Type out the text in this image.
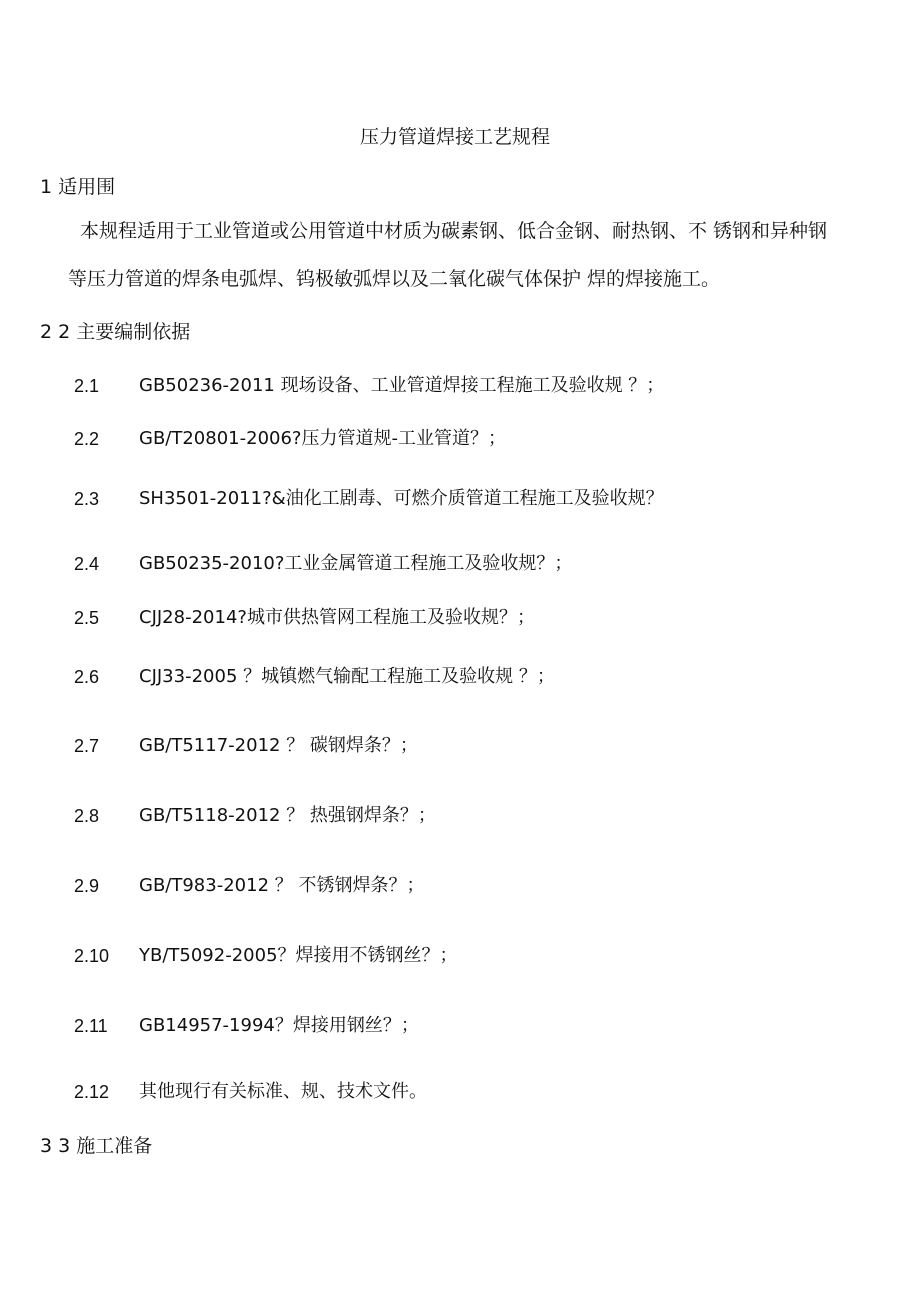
压力管道焊接工艺规程
1 适用围
本规程适用于工业管道或公用管道中材质为碳素钢、低合金钢、耐热钢、不 锈钢和异种钢
等压力管道的焊条电弧焊、钨极敏弧焊以及二氧化碳气体保护 焊的焊接施工。
2 2 主要编制依据
2.1 GB50236-2011 现场设备、工业管道焊接工程施工及验收规 ？；
2.2 GB/T20801-2006?压力管道规-工业管道？；
2.3 SH3501-2011?&油化工剧毒、可燃介质管道工程施工及验收规？
2.4 GB50235-2010?工业金属管道工程施工及验收规？；
2.5 CJJ28-2014?城市供热管网工程施工及验收规？；
2.6 CJJ33-2005 ？城镇燃气输配工程施工及验收规 ？；
2.7 GB/T5117-2012 ？ 碳钢焊条？；
2.8 GB/T5118-2012 ？ 热强钢焊条？；
2.9 GB/T983-2012 ？ 不锈钢焊条？；
2.10 YB/T5092-2005？焊接用不锈钢丝？；
2.11 GB14957-1994？焊接用钢丝？；
2.12 其他现行有关标准、规、技术文件。
3 3 施工准备
